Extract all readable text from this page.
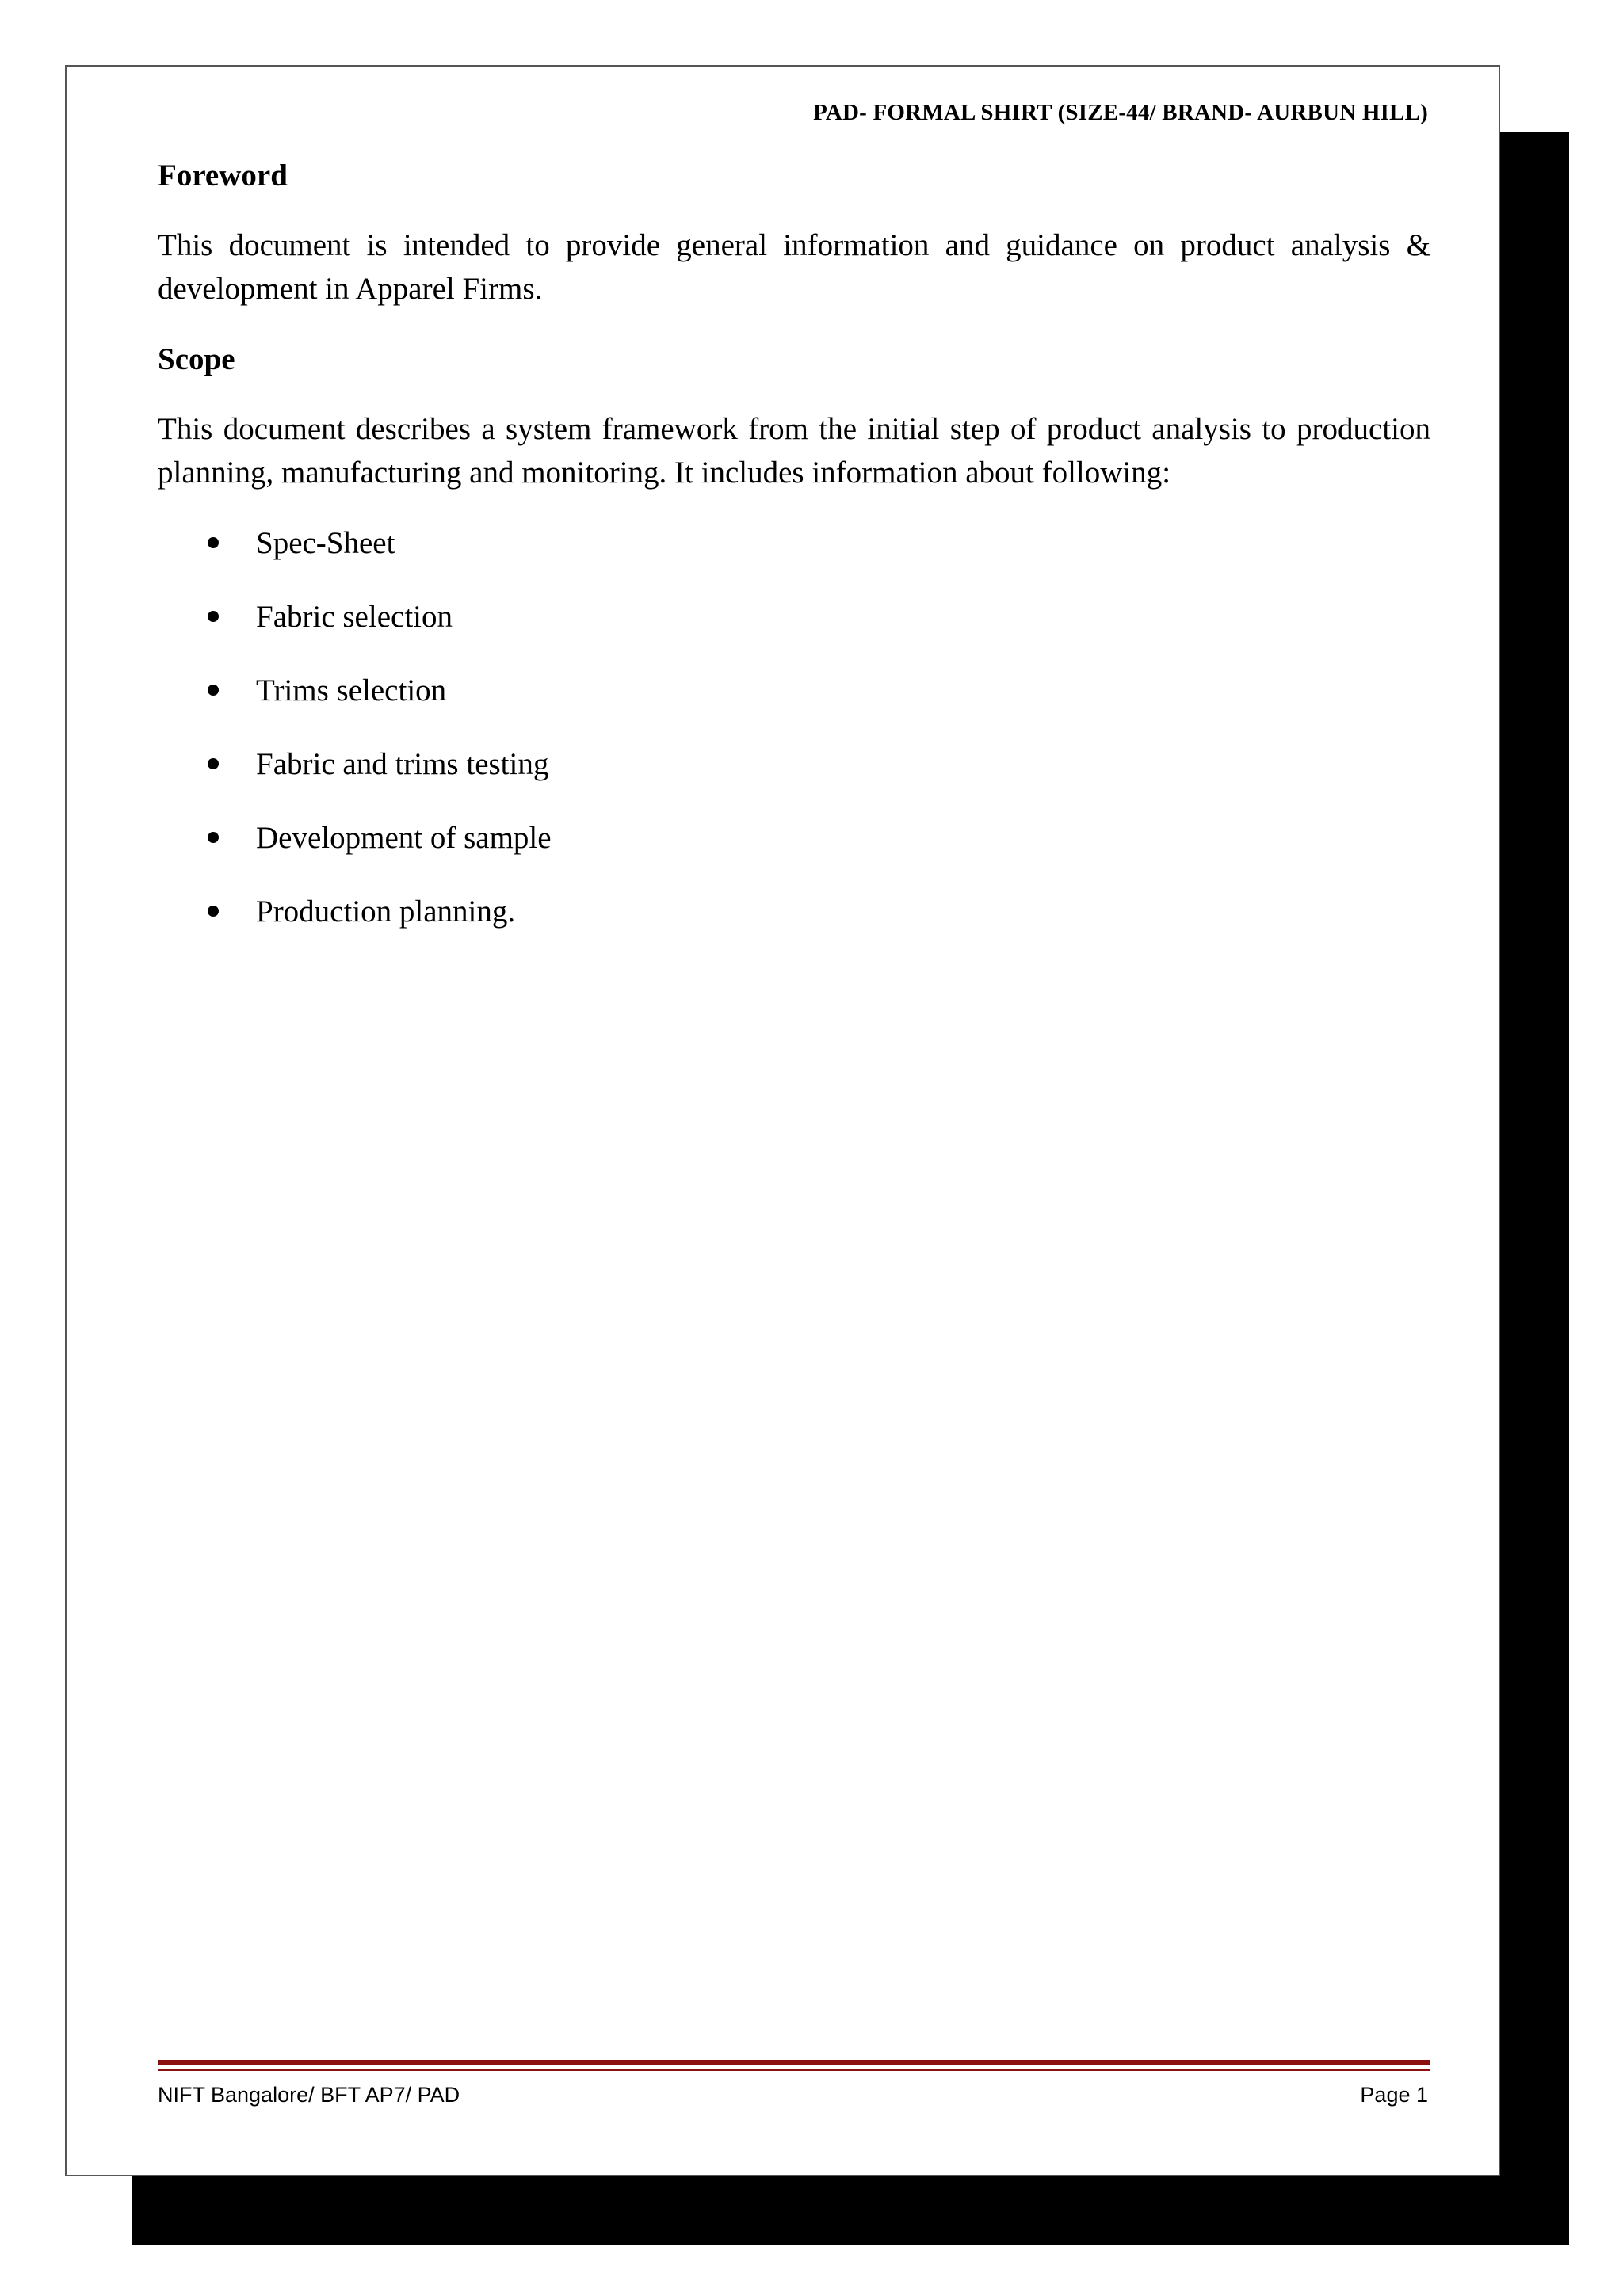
PAD- FORMAL SHIRT (SIZE-44/ BRAND- AURBUN HILL)
Foreword

This document is intended to provide general information and guidance on product analysis & development in Apparel Firms.

Scope

This document describes a system framework from the initial step of product analysis to production planning, manufacturing and monitoring. It includes information about following:

Spec-Sheet
Fabric selection
Trims selection
Fabric and trims testing
Development of sample
Production planning.
NIFT Bangalore/ BFT AP7/ PAD	Page 1
